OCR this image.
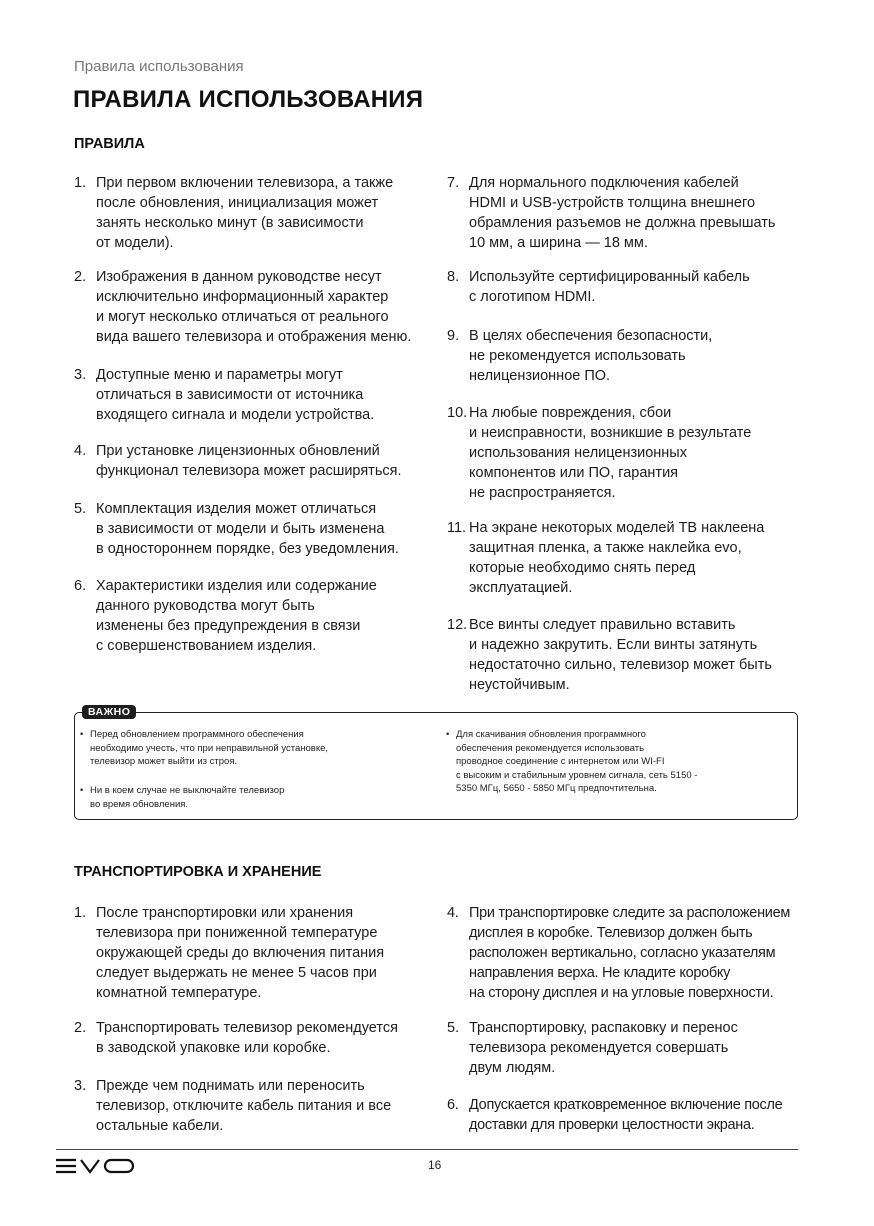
Правила использования
ПРАВИЛА ИСПОЛЬЗОВАНИЯ
ПРАВИЛА
1. При первом включении телевизора, а также
после обновления, инициализация может
занять несколько минут (в зависимости
от модели).
2. Изображения в данном руководстве несут
исключительно информационный характер
и могут несколько отличаться от реального
вида вашего телевизора и отображения меню.
3. Доступные меню и параметры могут
отличаться в зависимости от источника
входящего сигнала и модели устройства.
4. При установке лицензионных обновлений
функционал телевизора может расширяться.
5. Комплектация изделия может отличаться
в зависимости от модели и быть изменена
в одностороннем порядке, без уведомления.
6. Характеристики изделия или содержание
данного руководства могут быть
изменены без предупреждения в связи
с совершенствованием изделия.
7. Для нормального подключения кабелей
HDMI и USB-устройств толщина внешнего
обрамления разъемов не должна превышать
10 мм, а ширина — 18 мм.
8. Используйте сертифицированный кабель
с логотипом HDMI.
9. В целях обеспечения безопасности,
не рекомендуется использовать
нелицензионное ПО.
10. На любые повреждения, сбои
и неисправности, возникшие в результате
использования нелицензионных
компонентов или ПО, гарантия
не распространяется.
11. На экране некоторых моделей ТВ наклеена
защитная пленка, а также наклейка evo,
которые необходимо снять перед
эксплуатацией.
12. Все винты следует правильно вставить
и надежно закрутить. Если винты затянуть
недостаточно сильно, телевизор может быть
неустойчивым.
ВАЖНО
• Перед обновлением программного обеспечения
необходимо учесть, что при неправильной установке,
телевизор может выйти из строя.
• Ни в коем случае не выключайте телевизор
во время обновления.
• Для скачивания обновления программного
обеспечения рекомендуется использовать
проводное соединение с интернетом или WI-FI
с высоким и стабильным уровнем сигнала, сеть 5150 -
5350 МГц, 5650 - 5850 МГц предпочтительна.
ТРАНСПОРТИРОВКА И ХРАНЕНИЕ
1. После транспортировки или хранения
телевизора при пониженной температуре
окружающей среды до включения питания
следует выдержать не менее 5 часов при
комнатной температуре.
2. Транспортировать телевизор рекомендуется
в заводской упаковке или коробке.
3. Прежде чем поднимать или переносить
телевизор, отключите кабель питания и все
остальные кабели.
4. При транспортировке следите за расположением
дисплея в коробке. Телевизор должен быть
расположен вертикально, согласно указателям
направления верха. Не кладите коробку
на сторону дисплея и на угловые поверхности.
5. Транспортировку, распаковку и перенос
телевизора рекомендуется совершать
двум людям.
6. Допускается кратковременное включение после
доставки для проверки целостности экрана.
16
